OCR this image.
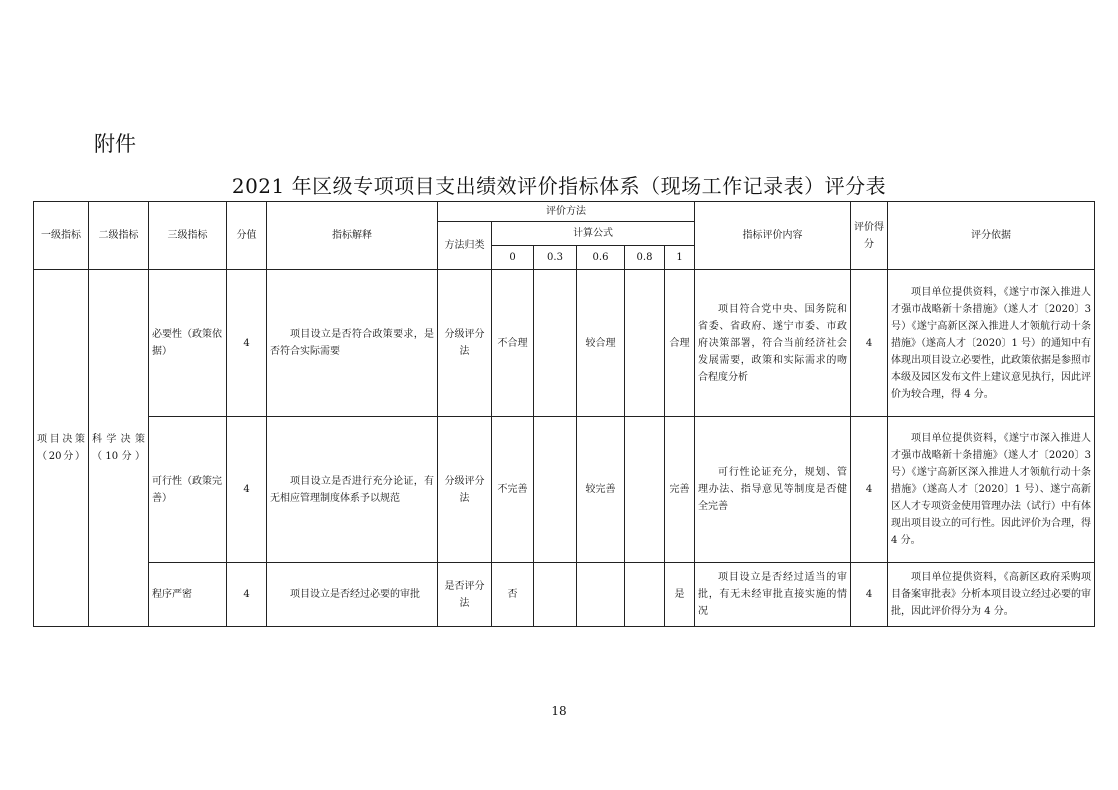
附件
2021 年区级专项项目支出绩效评价指标体系（现场工作记录表）评分表
一级指标	二级指标	三级指标	分值	指标解释	评价方法						指标评价内容	评价得分	评分依据
					方法归类	计算公式							
						0	0.3	0.6	0.8	1			
项目决策（20分）	科学决策（10分）	必要性（政策依据）	4	项目设立是否符合政策要求，是否符合实际需要	分级评分法	不合理		较合理		合理	项目符合党中央、国务院和省委、省政府、遂宁市委、市政府决策部署，符合当前经济社会发展需要，政策和实际需求的吻合程度分析	4	项目单位提供资料，《遂宁市深入推进人才强市战略新十条措施》（遂人才〔2020〕3 号）《遂宁高新区深入推进人才领航行动十条措施》（遂高人才〔2020〕1 号）的通知中有体现出项目设立必要性，此政策依据是参照市本级及园区发布文件上建议意见执行，因此评价为较合理，得 4 分。
		可行性（政策完善）	4	项目设立是否进行充分论证，有无相应管理制度体系予以规范	分级评分法	不完善		较完善		完善	可行性论证充分，规划、管理办法、指导意见等制度是否健全完善	4	项目单位提供资料，《遂宁市深入推进人才强市战略新十条措施》（遂人才〔2020〕3 号）《遂宁高新区深入推进人才领航行动十条措施》（遂高人才〔2020〕1 号）、遂宁高新区人才专项资金使用管理办法（试行）中有体现出项目设立的可行性。因此评价为合理，得 4 分。
		程序严密	4	项目设立是否经过必要的审批	是否评分法	否				是	项目设立是否经过适当的审批，有无未经审批直接实施的情况	4	项目单位提供资料，《高新区政府采购项目备案审批表》分析本项目设立经过必要的审批，因此评价得分为 4 分。
18
